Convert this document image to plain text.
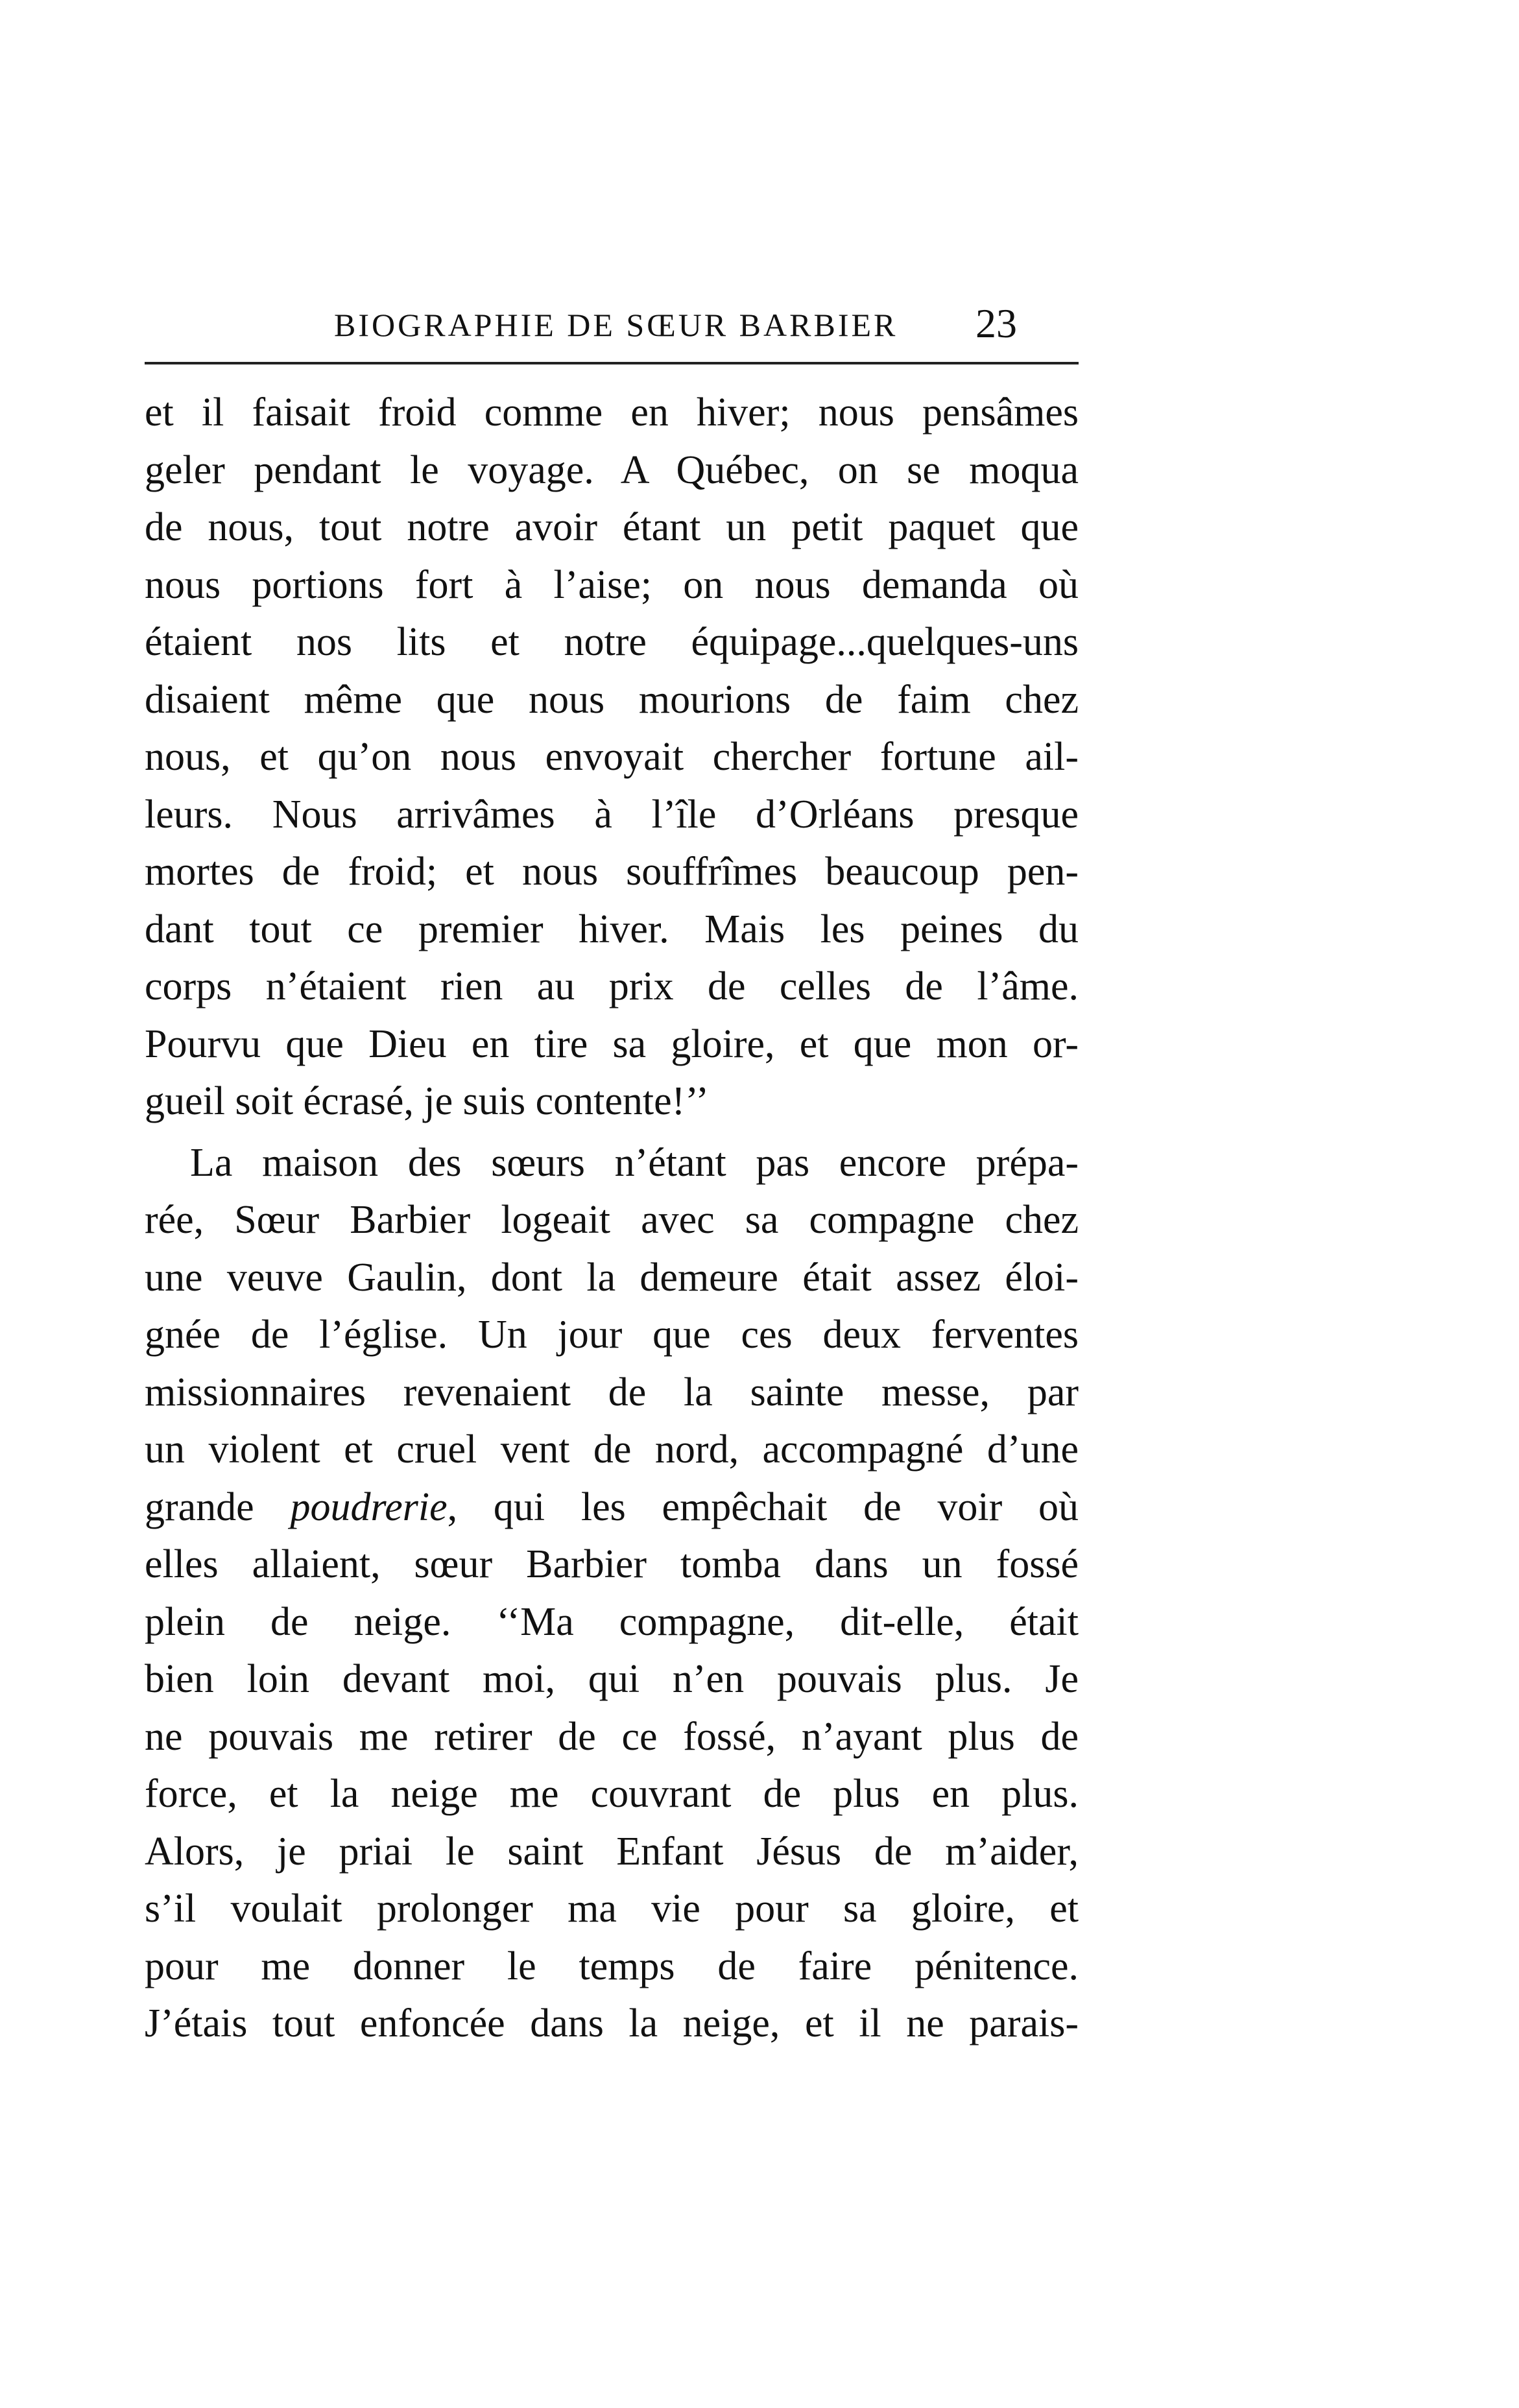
BIOGRAPHIE DE SŒUR BARBIER 23
et il faisait froid comme en hiver; nous pensâmes
geler pendant le voyage. A Québec, on se moqua
de nous, tout notre avoir étant un petit paquet que
nous portions fort à l’aise; on nous demanda où
étaient nos lits et notre équipage...quelques-uns
disaient même que nous mourions de faim chez
nous, et qu’on nous envoyait chercher fortune ail-
leurs. Nous arrivâmes à l’île d’Orléans presque
mortes de froid; et nous souffrîmes beaucoup pen-
dant tout ce premier hiver. Mais les peines du
corps n’étaient rien au prix de celles de l’âme.
Pourvu que Dieu en tire sa gloire, et que mon or-
gueil soit écrasé, je suis contente!’’
La maison des sœurs n’étant pas encore prépa-
rée, Sœur Barbier logeait avec sa compagne chez
une veuve Gaulin, dont la demeure était assez éloi-
gnée de l’église. Un jour que ces deux ferventes
missionnaires revenaient de la sainte messe, par
un violent et cruel vent de nord, accompagné d’une
grande poudrerie, qui les empêchait de voir où
elles allaient, sœur Barbier tomba dans un fossé
plein de neige. ‘‘Ma compagne, dit-elle, était
bien loin devant moi, qui n’en pouvais plus. Je
ne pouvais me retirer de ce fossé, n’ayant plus de
force, et la neige me couvrant de plus en plus.
Alors, je priai le saint Enfant Jésus de m’aider,
s’il voulait prolonger ma vie pour sa gloire, et
pour me donner le temps de faire pénitence.
J’étais tout enfoncée dans la neige, et il ne parais-
